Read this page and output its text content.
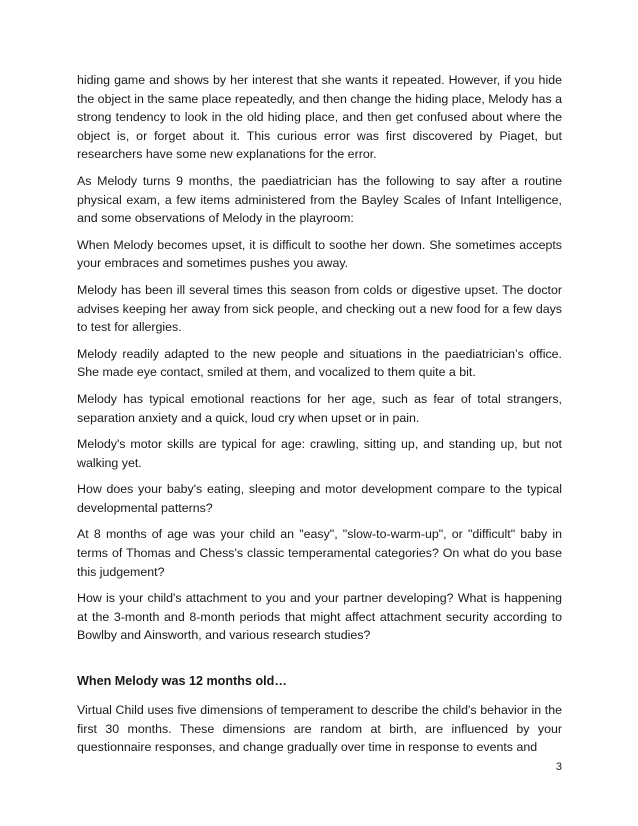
hiding game and shows by her interest that she wants it repeated. However, if you hide the object in the same place repeatedly, and then change the hiding place, Melody has a strong tendency to look in the old hiding place, and then get confused about where the object is, or forget about it. This curious error was first discovered by Piaget, but researchers have some new explanations for the error.

As Melody turns 9 months, the paediatrician has the following to say after a routine physical exam, a few items administered from the Bayley Scales of Infant Intelligence, and some observations of Melody in the playroom:

When Melody becomes upset, it is difficult to soothe her down. She sometimes accepts your embraces and sometimes pushes you away.

Melody has been ill several times this season from colds or digestive upset. The doctor advises keeping her away from sick people, and checking out a new food for a few days to test for allergies.

Melody readily adapted to the new people and situations in the paediatrician’s office. She made eye contact, smiled at them, and vocalized to them quite a bit.

Melody has typical emotional reactions for her age, such as fear of total strangers, separation anxiety and a quick, loud cry when upset or in pain.

Melody's motor skills are typical for age: crawling, sitting up, and standing up, but not walking yet.

How does your baby's eating, sleeping and motor development compare to the typical developmental patterns?

At 8 months of age was your child an "easy", "slow-to-warm-up", or "difficult" baby in terms of Thomas and Chess's classic temperamental categories? On what do you base this judgement?

How is your child's attachment to you and your partner developing? What is happening at the 3-month and 8-month periods that might affect attachment security according to Bowlby and Ainsworth, and various research studies?

When Melody was 12 months old…

Virtual Child uses five dimensions of temperament to describe the child's behavior in the first 30 months. These dimensions are random at birth, are influenced by your questionnaire responses, and change gradually over time in response to events and

3
